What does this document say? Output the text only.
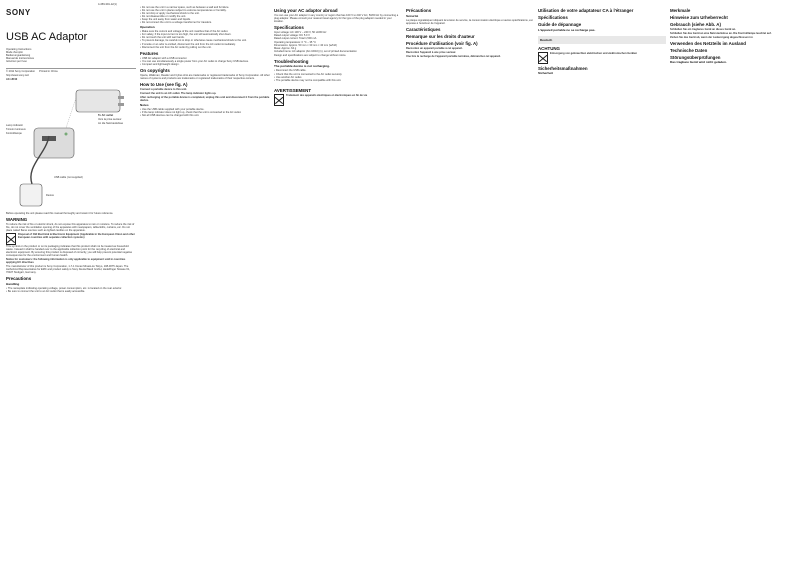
SONY
USB AC Adaptor
Operating Instructions
Mode d'emploi
Bedienungsanleitung
Manual de instrucciones
Istruzioni per l'uso
© 2011 Sony Corporation Printed in China
http://www.sony.net/
AC-UD10
To AC outlet
Vers la prise secteur
An die Netzsteckdose
Lamp indicator
Témoin lumineux
Kontrolllampe
USB cable (not supplied)
Device
Before operating the unit please read this manual thoroughly and retain it for future reference.
WARNING
To reduce the risk of fire or electric shock, do not expose this apparatus to rain or moisture. To reduce the risk of fire, do not cover the ventilation opening of the apparatus with newspapers, tablecloths, curtains, etc. Do not place naked flame sources such as lighted candles on the apparatus.
Disposal of Old Electrical & Electronic Equipment (Applicable in the European Union and other European countries with separate collection systems)
This symbol on the product or on its packaging indicates that this product shall not be treated as household waste. Instead it shall be handed over to the applicable collection point for the recycling of electrical and electronic equipment. By ensuring this product is disposed of correctly, you will help prevent potential negative consequences for the environment and human health.
Notice for customers: the following information is only applicable to equipment sold in countries applying EU directives
The manufacturer of this product is Sony Corporation, 1-7-1 Konan Minato-ku Tokyo, 108-0075 Japan. The Authorized Representative for EMC and product safety is Sony Deutschland GmbH, Hedelfinger Strasse 61, 70327 Stuttgart, Germany.
Precautions
Handling
• The nameplate indicating operating voltage, power consumption, etc. is located on the rear exterior.
• Be sure to connect the unit to an AC outlet that is easily accessible.
• Do not use the unit in a narrow space, such as between a wall and furniture.
• Do not use the unit in places subject to extreme temperatures or humidity.
• Do not drop or apply mechanical shock to the unit.
• Do not disassemble or modify the unit.
• Keep the unit away from water and liquids.
• Do not connect the unit to a voltage transformer for travelers.
Operation
• Make sure the current and voltage of the unit matches that of the AC outlet.
• For safety, if the input current is too high, the unit will automatically shut down.
• Do not touch the unit with wet hands.
• To prevent damage, be careful not to drop or otherwise cause mechanical shock to the unit.
• If smoke or an odor is emitted, disconnect the unit from the AC outlet immediately.
• Disconnect the unit from the AC outlet by pulling out the unit.
Features
• USB AC adaptor with a USB connector.
• You can use simultaneously a single power from your AC outlet to charge Sony USB devices.
• Compact and lightweight design.
On copyrights
Xperia, Walkman, Reader and Cyber-shot are trademarks or registered trademarks of Sony Corporation. All other names of systems and products are trademarks or registered trademarks of their respective owners.
How to Use (see fig. A)
Connect a portable device to this unit.
Connect the unit to an AC outlet. The lamp indicator lights up.
After recharging of the portable device is completed, unplug this unit and disconnect it from the portable device.
Notes
• Use the USB cable supplied with your portable device.
• If the lamp indicator does not light up, check that the unit is connected to the AC outlet.
• Not all USB devices can be charged with this unit.
Using your AC adaptor abroad
You can use your AC adaptor in any country or region that has 100 V to 240 V AC, 50/60 Hz by connecting a plug adaptor. Please consult your nearest travel agency for the type of the plug adaptor needed in your location.
Specifications
Input voltage: AC 100 V – 240 V, 50 Hz/60 Hz
Rated output voltage: DC 5.0 V
Rated output current: Total 1,500 mA
Operating temperature: 0 °C – 35 °C
Dimensions: Approx. 50 mm × 30 mm × 40 mm (w/h/d)
Mass: Approx. 64 g
Included items: AC adaptor (AC-UD10) (1), set of printed documentation
Design and specifications are subject to change without notice.
Troubleshooting
The portable device is not recharging.
• Reconnect the USB cable.
• Check that the unit is connected to the AC outlet securely.
• Use another AC outlet.
• The portable device may not be compatible with this unit.
AVERTISSEMENT
Traitement des appareils électriques et électroniques en fin de vie
Précautions
Sécurité
La plaque signalétique indiquant la tension de service, la consommation électrique et autres spécifications, est apposée à l'extérieur de l'appareil.
Caractéristiques
Remarque sur les droits d'auteur
Procédure d'utilisation (voir fig. A)
Raccordez un appareil portable à cet appareil.
Raccordez l'appareil à une prise secteur.
Une fois la recharge de l'appareil portable terminée, débranchez cet appareil.
Utilisation de votre adaptateur CA à l'étranger
Spécifications
Guide de dépannage
L'appareil portable ne se recharge pas.
Deutsch
ACHTUNG
Entsorgung von gebrauchten elektrischen und elektronischen Geräten
Sicherheitsmaßnahmen
Sicherheit
Merkmale
Hinweise zum Urheberrecht
Gebrauch (siehe Abb. A)
Schließen Sie ein tragbares Gerät an dieses Gerät an.
Schließen Sie das Gerät an eine Netzsteckdose an. Die Kontrolllampe leuchtet auf.
Ziehen Sie das Gerät ab, wenn der Ladevorgang abgeschlossen ist.
Verwenden des Netzteils im Ausland
Technische Daten
Störungsüberprüfungen
Das tragbare Gerät wird nicht geladen.
4-459-391-12(1)
